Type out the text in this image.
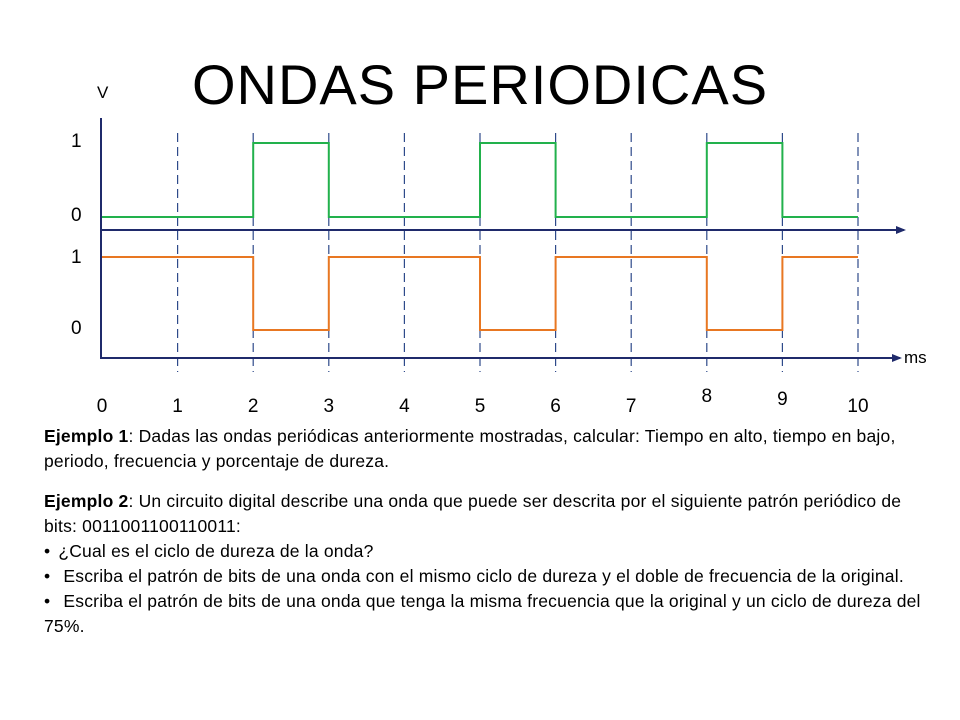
ONDAS PERIODICAS
V
ms
1
0
1
0
0	1	2	3	4	5	6	7	8	9	10

Ejemplo 1: Dadas las ondas periódicas anteriormente mostradas, calcular: Tiempo en alto, tiempo en bajo, periodo, frecuencia y porcentaje de dureza.

Ejemplo 2: Un circuito digital describe una onda que puede ser descrita por el siguiente patrón periódico de bits: 0011001100110011:

• ¿Cual es el ciclo de dureza de la onda?

• Escriba el patrón de bits de una onda con el mismo ciclo de dureza y el doble de frecuencia de la original.

• Escriba el patrón de bits de una onda que tenga la misma frecuencia que la original y un ciclo de dureza del 75%.
